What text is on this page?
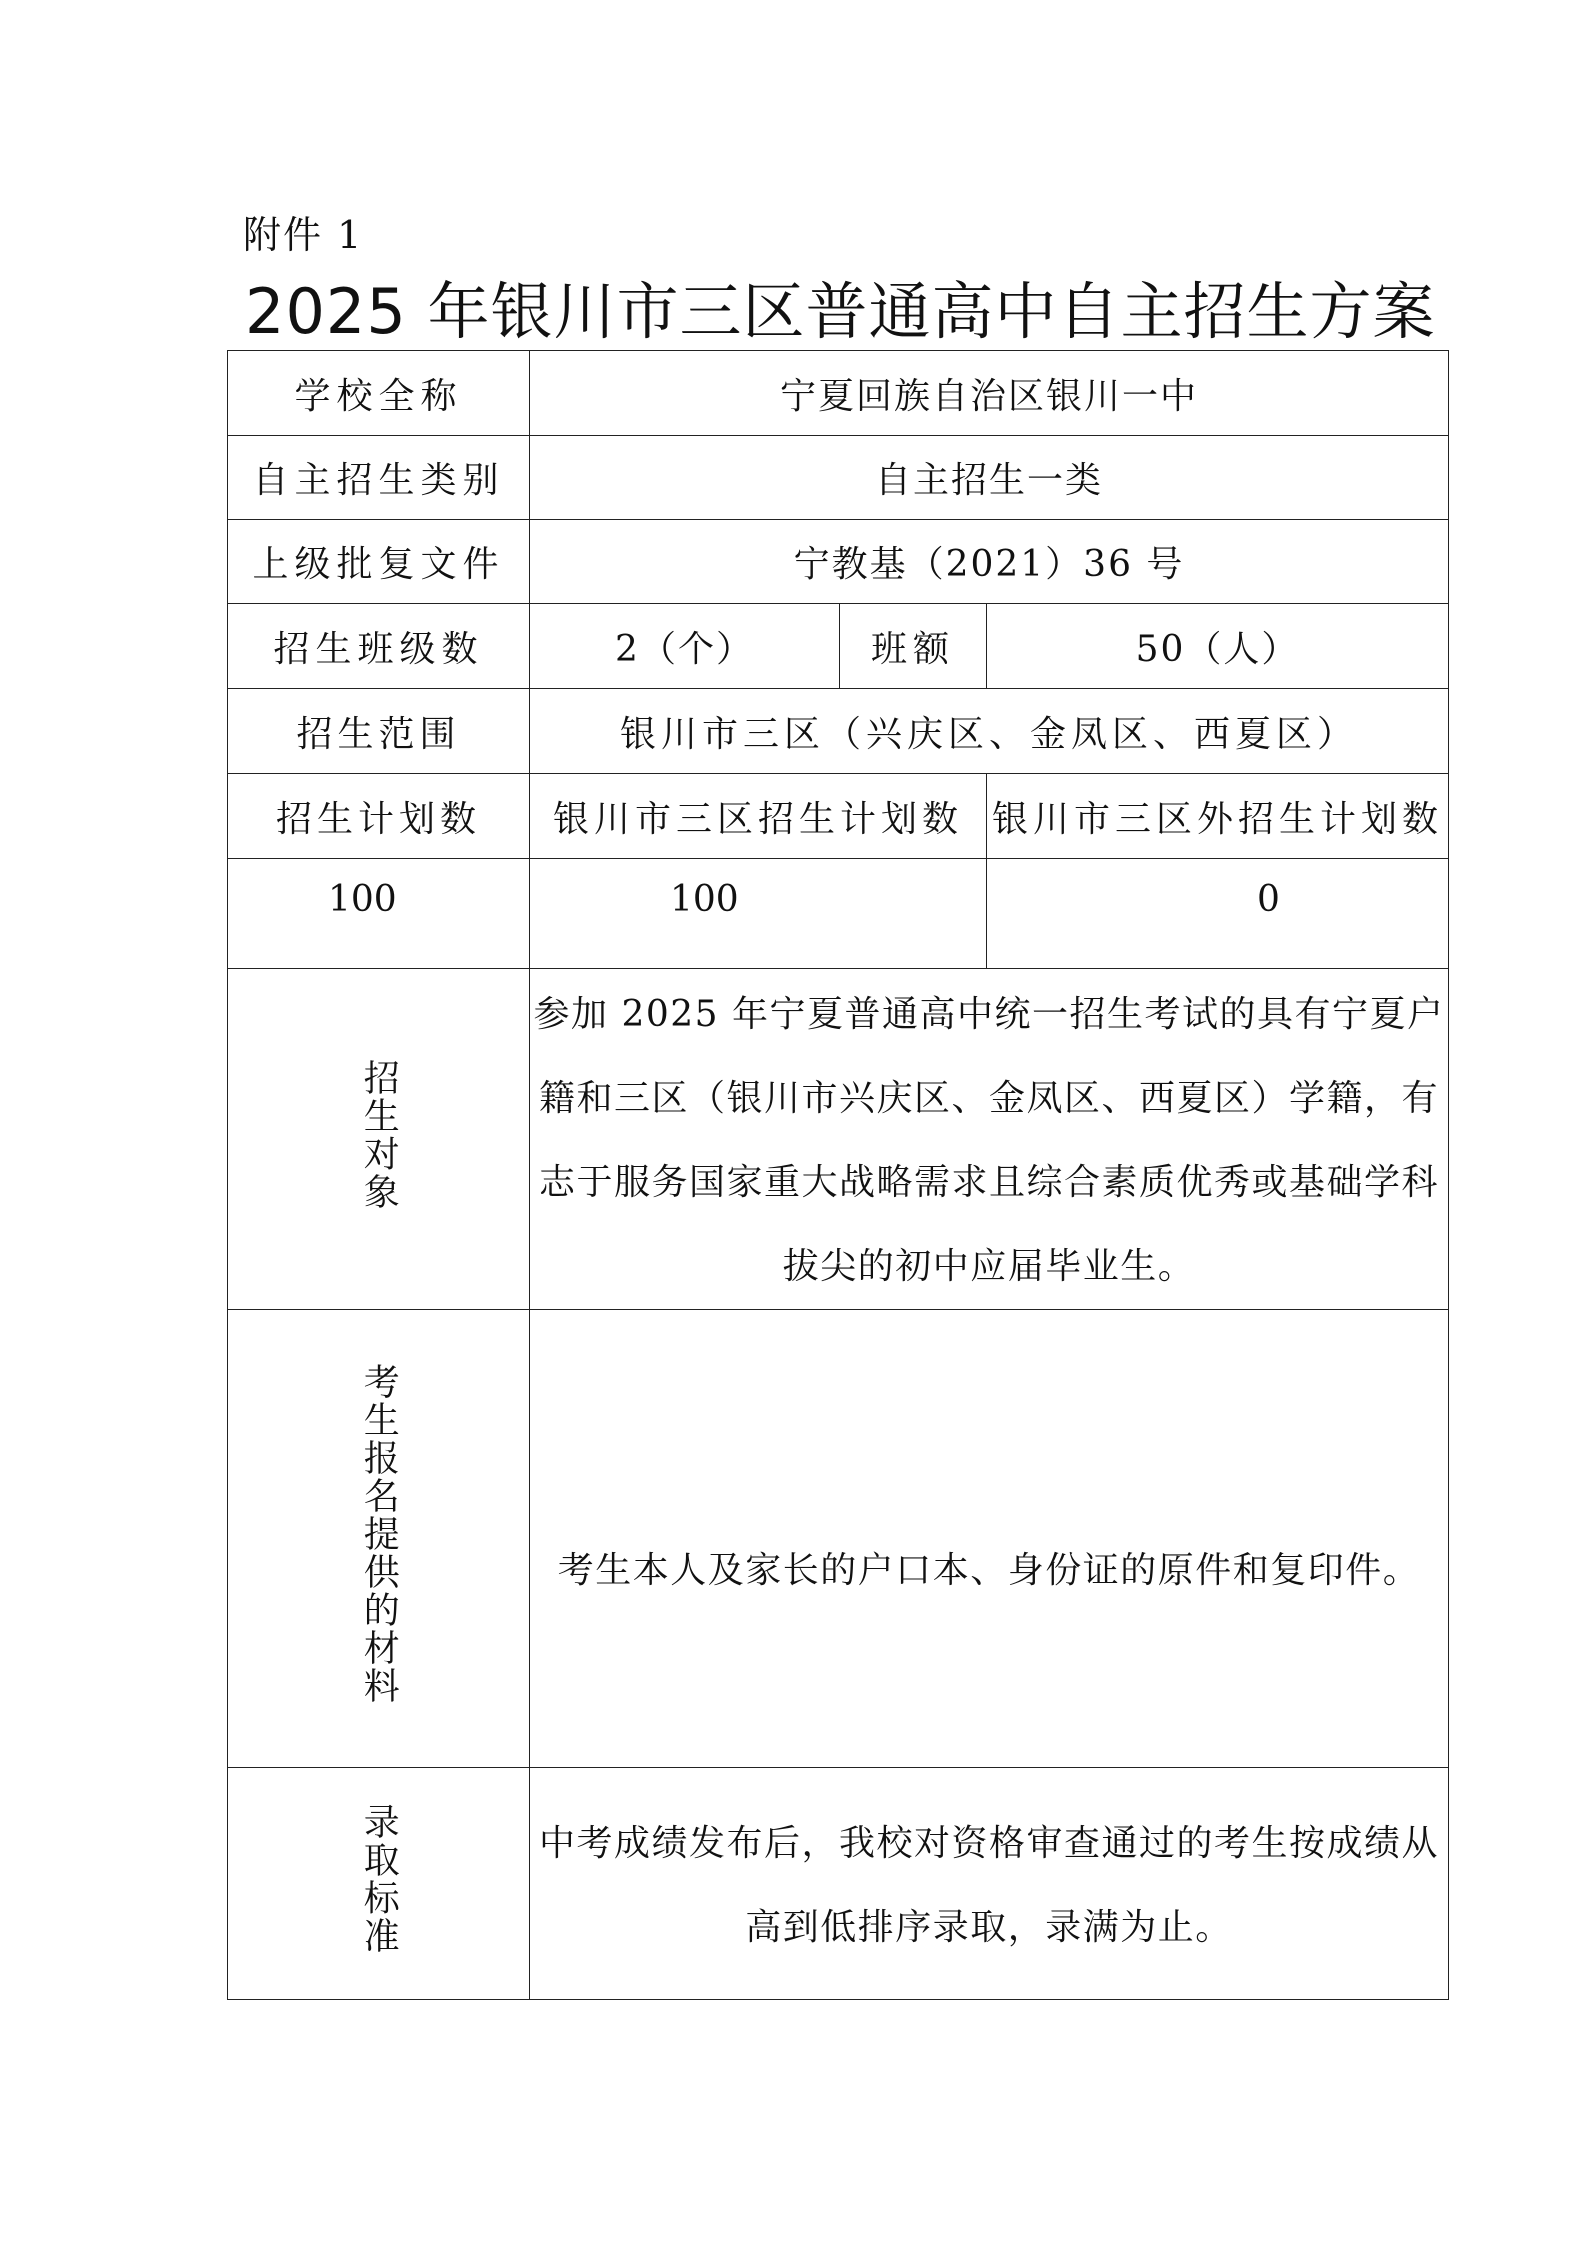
附件 1
2025 年银川市三区普通高中自主招生方案
学校全称	宁夏回族自治区银川一中		
自主招生类别	自主招生一类		
上级批复文件	宁教基（2021）36 号		
招生班级数	2（个）	班额	50（人）
招生范围	银川市三区（兴庆区、金凤区、西夏区）		
招生计划数	银川市三区招生计划数		银川市三区外招生计划数
100	100		0
招生对象	参加 2025 年宁夏普通高中统一招生考试的具有宁夏户籍和三区（银川市兴庆区、金凤区、西夏区）学籍，有志于服务国家重大战略需求且综合素质优秀或基础学科拔尖的初中应届毕业生。		

考生报名提供的材料	考生本人及家长的户口本、身份证的原件和复印件。		

录取标准	中考成绩发布后，我校对资格审查通过的考生按成绩从高到低排序录取，录满为止。		
